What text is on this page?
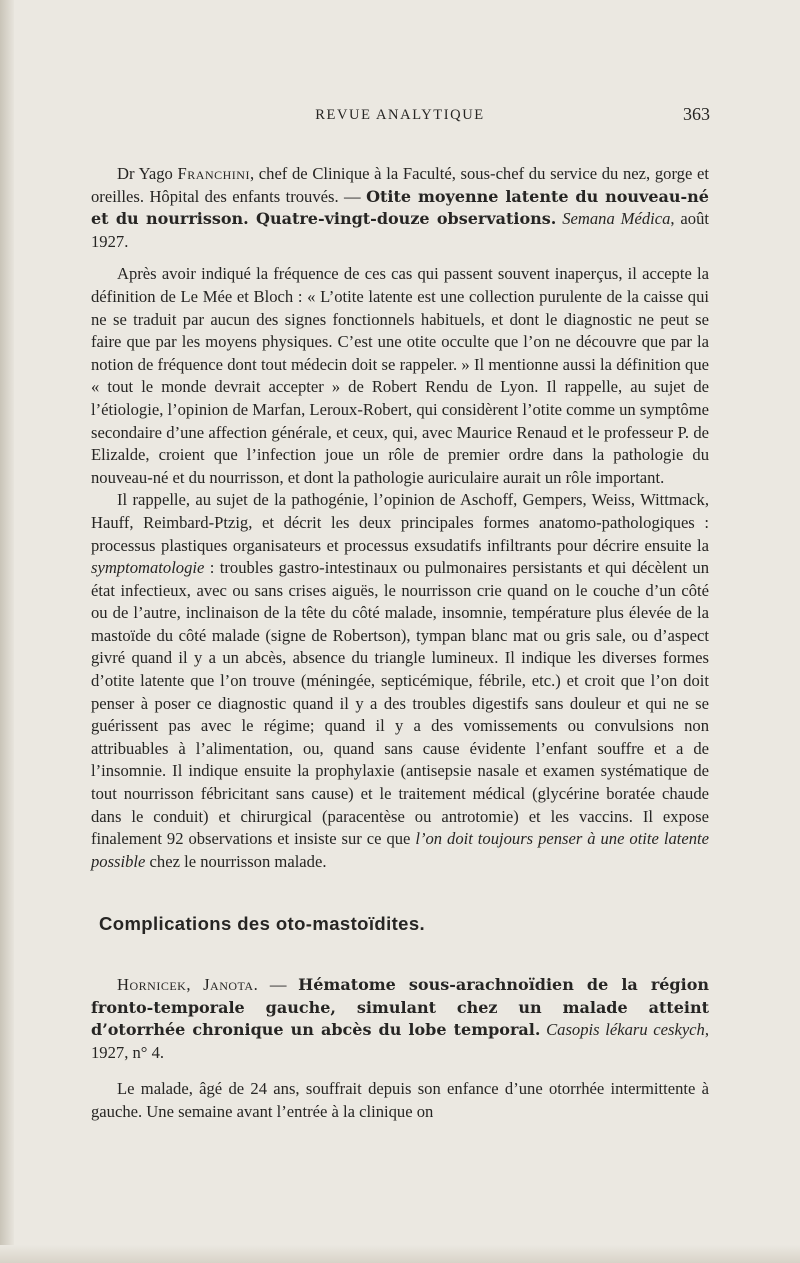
REVUE ANALYTIQUE	363

Dr Yago Franchini, chef de Clinique à la Faculté, sous-chef du service du nez, gorge et oreilles. Hôpital des enfants trouvés. — Otite moyenne latente du nouveau-né et du nourrisson. Quatre-vingt-douze observations. Semana Médica, août 1927.

Après avoir indiqué la fréquence de ces cas qui passent souvent inaperçus, il accepte la définition de Le Mée et Bloch : « L’otite latente est une collection purulente de la caisse qui ne se traduit par aucun des signes fonctionnels habituels, et dont le diagnostic ne peut se faire que par les moyens physiques. C’est une otite occulte que l’on ne découvre que par la notion de fréquence dont tout médecin doit se rappeler. » Il mentionne aussi la définition que « tout le monde devrait accepter » de Robert Rendu de Lyon. Il rappelle, au sujet de l’étiologie, l’opinion de Marfan, Leroux-Robert, qui considèrent l’otite comme un symptôme secondaire d’une affection générale, et ceux, qui, avec Maurice Renaud et le professeur P. de Elizalde, croient que l’infection joue un rôle de premier ordre dans la pathologie du nouveau-né et du nourrisson, et dont la pathologie auriculaire aurait un rôle important.

Il rappelle, au sujet de la pathogénie, l’opinion de Aschoff, Gempers, Weiss, Wittmack, Hauff, Reimbard-Ptzig, et décrit les deux principales formes anatomo-pathologiques : processus plastiques organisateurs et processus exsudatifs infiltrants pour décrire ensuite la symptomatologie : troubles gastro-intestinaux ou pulmonaires persistants et qui décèlent un état infectieux, avec ou sans crises aiguës, le nourrisson crie quand on le couche d’un côté ou de l’autre, inclinaison de la tête du côté malade, insomnie, température plus élevée de la mastoïde du côté malade (signe de Robertson), tympan blanc mat ou gris sale, ou d’aspect givré quand il y a un abcès, absence du triangle lumineux. Il indique les diverses formes d’otite latente que l’on trouve (méningée, septicémique, fébrile, etc.) et croit que l’on doit penser à poser ce diagnostic quand il y a des troubles digestifs sans douleur et qui ne se guérissent pas avec le régime; quand il y a des vomissements ou convulsions non attribuables à l’alimentation, ou, quand sans cause évidente l’enfant souffre et a de l’insomnie. Il indique ensuite la prophylaxie (antisepsie nasale et examen systématique de tout nourrisson fébricitant sans cause) et le traitement médical (glycérine boratée chaude dans le conduit) et chirurgical (paracentèse ou antrotomie) et les vaccins. Il expose finalement 92 observations et insiste sur ce que l’on doit toujours penser à une otite latente possible chez le nourrisson malade.

Complications des oto-mastoïdites.

Hornicek, Janota. — Hématome sous-arachnoïdien de la région fronto-temporale gauche, simulant chez un malade atteint d’otorrhée chronique un abcès du lobe temporal. Casopis lékaru ceskych, 1927, n° 4.

Le malade, âgé de 24 ans, souffrait depuis son enfance d’une otorrhée intermittente à gauche. Une semaine avant l’entrée à la clinique on
